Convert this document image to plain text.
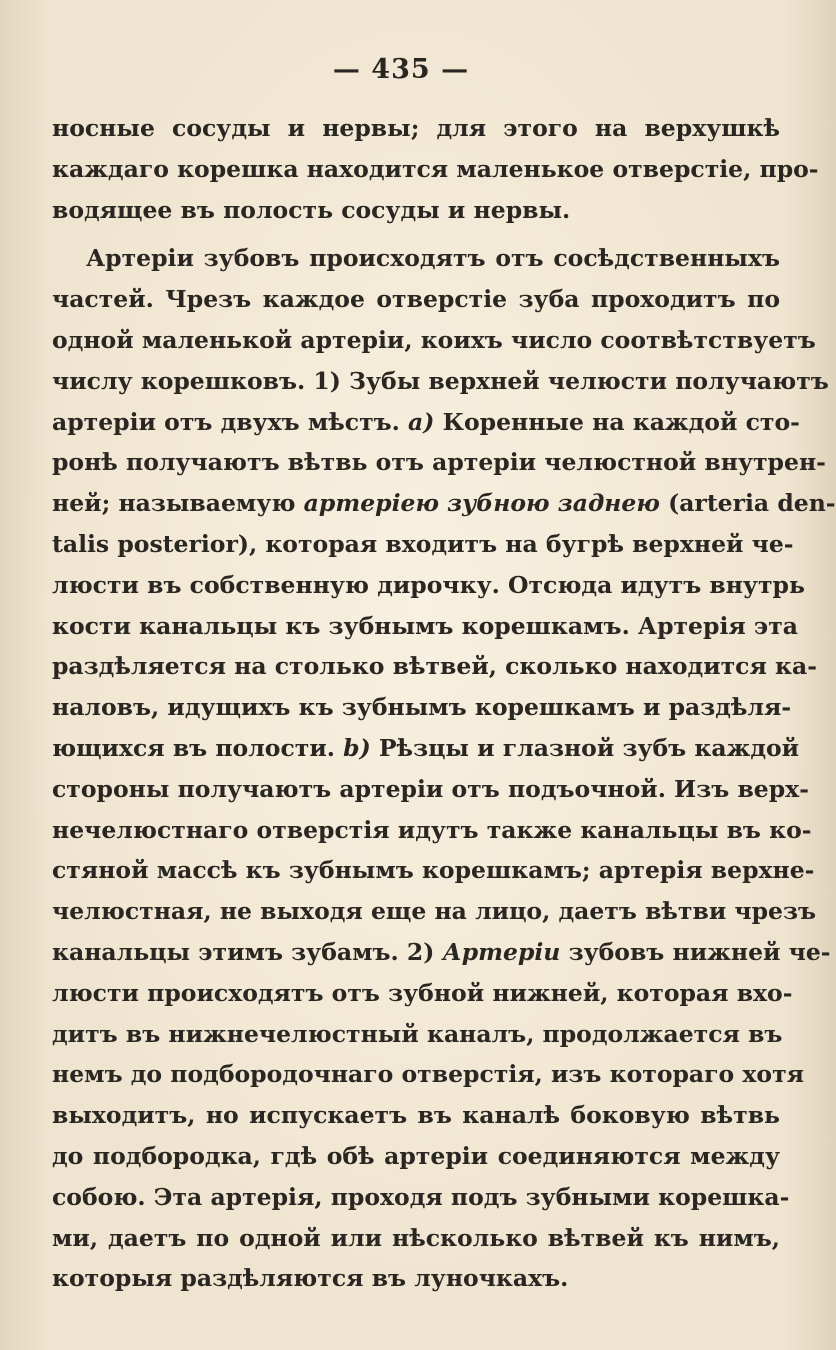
— 435 —
носные сосуды и нервы; для этого на верхушкѣ
каждаго корешка находится маленькое отверстіе, про-
водящее въ полость сосуды и нервы.
Артеріи зубовъ происходятъ отъ сосѣдственныхъ
частей. Чрезъ каждое отверстіе зуба проходитъ по
одной маленькой артеріи, коихъ число соотвѣтствуетъ
числу корешковъ. 1) Зубы верхней челюсти получаютъ
артеріи отъ двухъ мѣстъ. a) Коренные на каждой сто-
ронѣ получаютъ вѣтвь отъ артеріи челюстной внутрен-
ней; называемую артеріею зубною заднею (arteria den-
talis posterior), которая входитъ на бугрѣ верхней че-
люсти въ собственную дирочку. Отсюда идутъ внутрь
кости канальцы къ зубнымъ корешкамъ. Артерія эта
раздѣляется на столько вѣтвей, сколько находится ка-
наловъ, идущихъ къ зубнымъ корешкамъ и раздѣля-
ющихся въ полости. b) Рѣзцы и глазной зубъ каждой
стороны получаютъ артеріи отъ подъочной. Изъ верх-
нечелюстнаго отверстія идутъ также канальцы въ ко-
стяной массѣ къ зубнымъ корешкамъ; артерія верхне-
челюстная, не выходя еще на лицо, даетъ вѣтви чрезъ
канальцы этимъ зубамъ. 2) Артеріи зубовъ нижней че-
люсти происходятъ отъ зубной нижней, которая вхо-
дитъ въ нижнечелюстный каналъ, продолжается въ
немъ до подбородочнаго отверстія, изъ котораго хотя
выходитъ, но испускаетъ въ каналѣ боковую вѣтвь
до подбородка, гдѣ обѣ артеріи соединяются между
собою. Эта артерія, проходя подъ зубными корешка-
ми, даетъ по одной или нѣсколько вѣтвей къ нимъ,
которыя раздѣляются въ луночкахъ.
